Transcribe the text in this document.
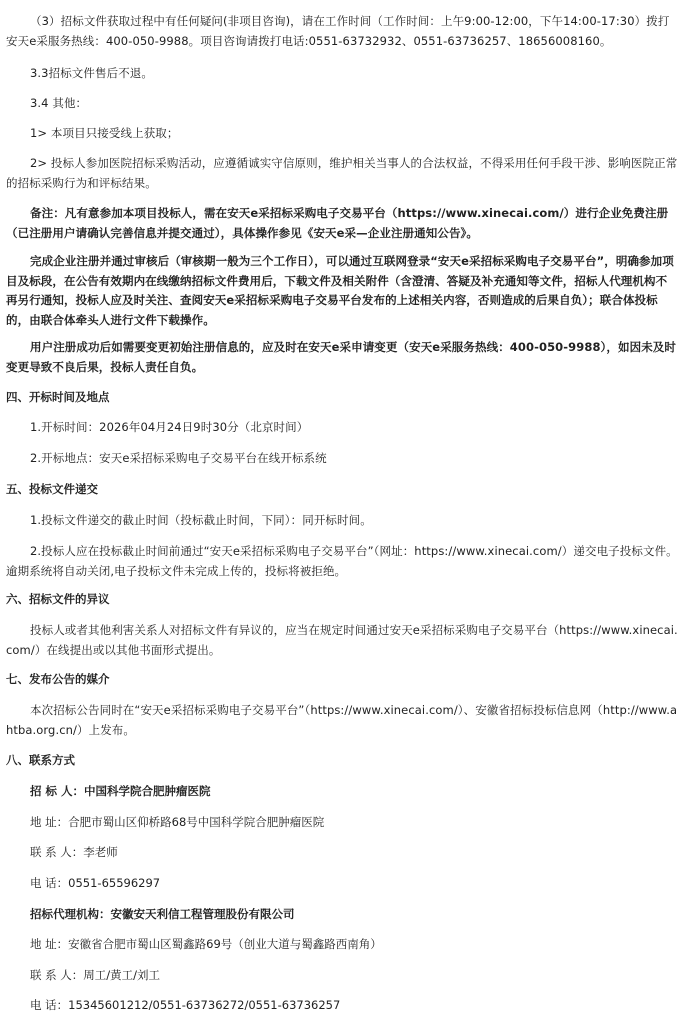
（3）招标文件获取过程中有任何疑问(非项目咨询)，请在工作时间（工作时间：上午9:00-12:00，下午14:00-17:30）拨打安天e采服务热线：400-050-9988。项目咨询请拨打电话:0551-63732932、0551-63736257、18656008160。

3.3招标文件售后不退。

3.4 其他：

1> 本项目只接受线上获取；

2> 投标人参加医院招标采购活动，应遵循诚实守信原则，维护相关当事人的合法权益，不得采用任何手段干涉、影响医院正常的招标采购行为和评标结果。

备注：凡有意参加本项目投标人，需在安天e采招标采购电子交易平台（https://www.xinecai.com/）进行企业免费注册（已注册用户请确认完善信息并提交通过），具体操作参见《安天e采—企业注册通知公告》。

完成企业注册并通过审核后（审核期一般为三个工作日），可以通过互联网登录“安天e采招标采购电子交易平台”，明确参加项目及标段，在公告有效期内在线缴纳招标文件费用后，下载文件及相关附件（含澄清、答疑及补充通知等文件，招标人代理机构不再另行通知，投标人应及时关注、查阅安天e采招标采购电子交易平台发布的上述相关内容，否则造成的后果自负）；联合体投标的，由联合体牵头人进行文件下载操作。

用户注册成功后如需要变更初始注册信息的，应及时在安天e采申请变更（安天e采服务热线：400-050-9988），如因未及时变更导致不良后果，投标人责任自负。

四、开标时间及地点

1.开标时间：2026年04月24日9时30分（北京时间）

2.开标地点：安天e采招标采购电子交易平台在线开标系统

五、投标文件递交

1.投标文件递交的截止时间（投标截止时间，下同）：同开标时间。

2.投标人应在投标截止时间前通过“安天e采招标采购电子交易平台”（网址：https://www.xinecai.com/）递交电子投标文件。逾期系统将自动关闭,电子投标文件未完成上传的，投标将被拒绝。

六、招标文件的异议

投标人或者其他利害关系人对招标文件有异议的，应当在规定时间通过安天e采招标采购电子交易平台（https://www.xinecai.com/）在线提出或以其他书面形式提出。

七、发布公告的媒介

本次招标公告同时在“安天e采招标采购电子交易平台”（https://www.xinecai.com/）、安徽省招标投标信息网（http://www.ahtba.org.cn/）上发布。

八、联系方式

招 标 人：中国科学院合肥肿瘤医院

地 址：合肥市蜀山区仰桥路68号中国科学院合肥肿瘤医院

联 系 人：李老师

电 话：0551-65596297

招标代理机构：安徽安天利信工程管理股份有限公司

地 址：安徽省合肥市蜀山区蜀鑫路69号（创业大道与蜀鑫路西南角）

联 系 人：周工/黄工/刘工

电 话：15345601212/0551-63736272/0551-63736257
